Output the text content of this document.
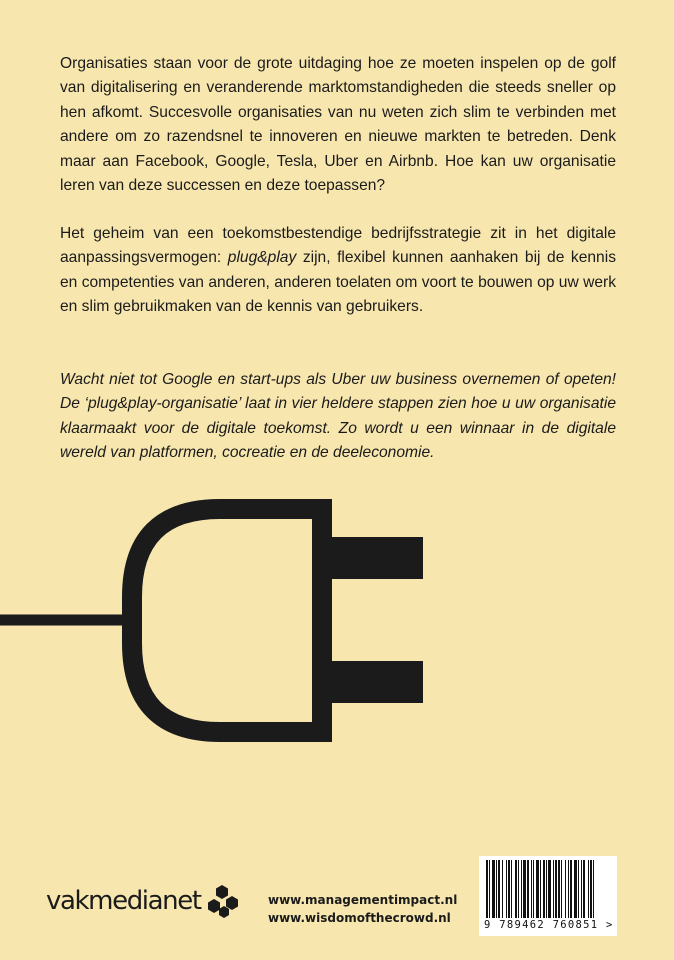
Organisaties staan voor de grote uitdaging hoe ze moeten inspelen op de golf van digitalisering en veranderende marktomstandigheden die steeds sneller op hen afkomt. Succesvolle organisaties van nu weten zich slim te verbinden met andere om zo razendsnel te innoveren en nieuwe markten te betreden. Denk maar aan Facebook, Google, Tesla, Uber en Airbnb. Hoe kan uw organisatie leren van deze successen en deze toepassen?

Het geheim van een toekomstbestendige bedrijfsstrategie zit in het digitale aanpassingsvermogen: plug&play zijn, flexibel kunnen aanhaken bij de kennis en competenties van anderen, anderen toelaten om voort te bouwen op uw werk en slim gebruikmaken van de kennis van gebruikers.

Wacht niet tot Google en start-ups als Uber uw business overnemen of opeten! De ‘plug&play-organisatie’ laat in vier heldere stappen zien hoe u uw organisatie klaarmaakt voor de digitale toekomst. Zo wordt u een winnaar in de digitale wereld van platformen, cocreatie en de deeleconomie.

vakmedianet	www.managementimpact.nl
www.wisdomofthecrowd.nl	9 789462 760851 >
